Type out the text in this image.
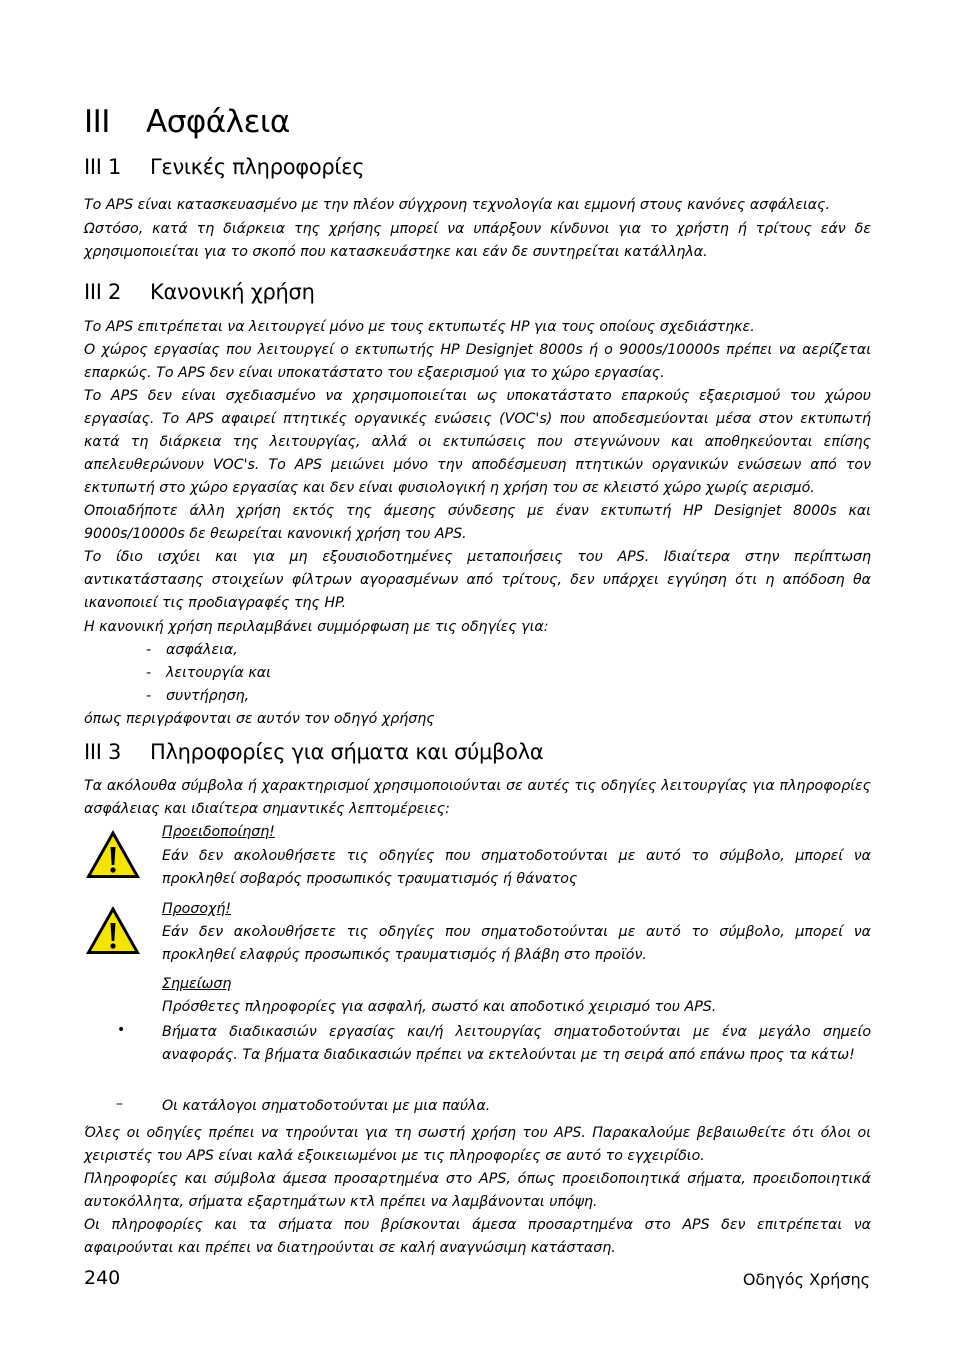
III Ασφάλεια
III 1 Γενικές πληροφορίες

Το APS είναι κατασκευασμένο με την πλέον σύγχρονη τεχνολογία και εμμονή στους κανόνες ασφάλειας.

Ωστόσο, κατά τη διάρκεια της χρήσης μπορεί να υπάρξουν κίνδυνοι για το χρήστη ή τρίτους εάν δε χρησιμοποιείται για το σκοπό που κατασκευάστηκε και εάν δε συντηρείται κατάλληλα.

III 2 Κανονική χρήση

Το APS επιτρέπεται να λειτουργεί μόνο με τους εκτυπωτές HP για τους οποίους σχεδιάστηκε.

Ο χώρος εργασίας που λειτουργεί ο εκτυπωτής HP Designjet 8000s ή ο 9000s/10000s πρέπει να αερίζεται επαρκώς. Το APS δεν είναι υποκατάστατο του εξαερισμού για το χώρο εργασίας.

Το APS δεν είναι σχεδιασμένο να χρησιμοποιείται ως υποκατάστατο επαρκούς εξαερισμού του χώρου εργασίας. Το APS αφαιρεί πτητικές οργανικές ενώσεις (VOC's) που αποδεσμεύονται μέσα στον εκτυπωτή κατά τη διάρκεια της λειτουργίας, αλλά οι εκτυπώσεις που στεγνώνουν και αποθηκεύονται επίσης απελευθερώνουν VOC's. Το APS μειώνει μόνο την αποδέσμευση πτητικών οργανικών ενώσεων από τον εκτυπωτή στο χώρο εργασίας και δεν είναι φυσιολογική η χρήση του σε κλειστό χώρο χωρίς αερισμό.

Οποιαδήποτε άλλη χρήση εκτός της άμεσης σύνδεσης με έναν εκτυπωτή HP Designjet 8000s και 9000s/10000s δε θεωρείται κανονική χρήση του APS.

Το ίδιο ισχύει και για μη εξουσιοδοτημένες μεταποιήσεις του APS. Ιδιαίτερα στην περίπτωση αντικατάστασης στοιχείων φίλτρων αγορασμένων από τρίτους, δεν υπάρχει εγγύηση ότι η απόδοση θα ικανοποιεί τις προδιαγραφές της HP.

Η κανονική χρήση περιλαμβάνει συμμόρφωση με τις οδηγίες για:

- ασφάλεια,
- λειτουργία και
- συντήρηση,

όπως περιγράφονται σε αυτόν τον οδηγό χρήσης

III 3 Πληροφορίες για σήματα και σύμβολα

Τα ακόλουθα σύμβολα ή χαρακτηρισμοί χρησιμοποιούνται σε αυτές τις οδηγίες λειτουργίας για πληροφορίες ασφάλειας και ιδιαίτερα σημαντικές λεπτομέρειες:

Προειδοποίηση!

Εάν δεν ακολουθήσετε τις οδηγίες που σηματοδοτούνται με αυτό το σύμβολο, μπορεί να προκληθεί σοβαρός προσωπικός τραυματισμός ή θάνατος

Προσοχή!

Εάν δεν ακολουθήσετε τις οδηγίες που σηματοδοτούνται με αυτό το σύμβολο, μπορεί να προκληθεί ελαφρύς προσωπικός τραυματισμός ή βλάβη στο προϊόν.

Σημείωση

Πρόσθετες πληροφορίες για ασφαλή, σωστό και αποδοτικό χειρισμό του APS.

•	Βήματα διαδικασιών εργασίας και/ή λειτουργίας σηματοδοτούνται με ένα μεγάλο σημείο αναφοράς. Τα βήματα διαδικασιών πρέπει να εκτελούνται με τη σειρά από επάνω προς τα κάτω!

–	Οι κατάλογοι σηματοδοτούνται με μια παύλα.

Όλες οι οδηγίες πρέπει να τηρούνται για τη σωστή χρήση του APS. Παρακαλούμε βεβαιωθείτε ότι όλοι οι χειριστές του APS είναι καλά εξοικειωμένοι με τις πληροφορίες σε αυτό το εγχειρίδιο.

Πληροφορίες και σύμβολα άμεσα προσαρτημένα στο APS, όπως προειδοποιητικά σήματα, προειδοποιητικά αυτοκόλλητα, σήματα εξαρτημάτων κτλ πρέπει να λαμβάνονται υπόψη.

Οι πληροφορίες και τα σήματα που βρίσκονται άμεσα προσαρτημένα στο APS δεν επιτρέπεται να αφαιρούνται και πρέπει να διατηρούνται σε καλή αναγνώσιμη κατάσταση.

240	Οδηγός Χρήσης
